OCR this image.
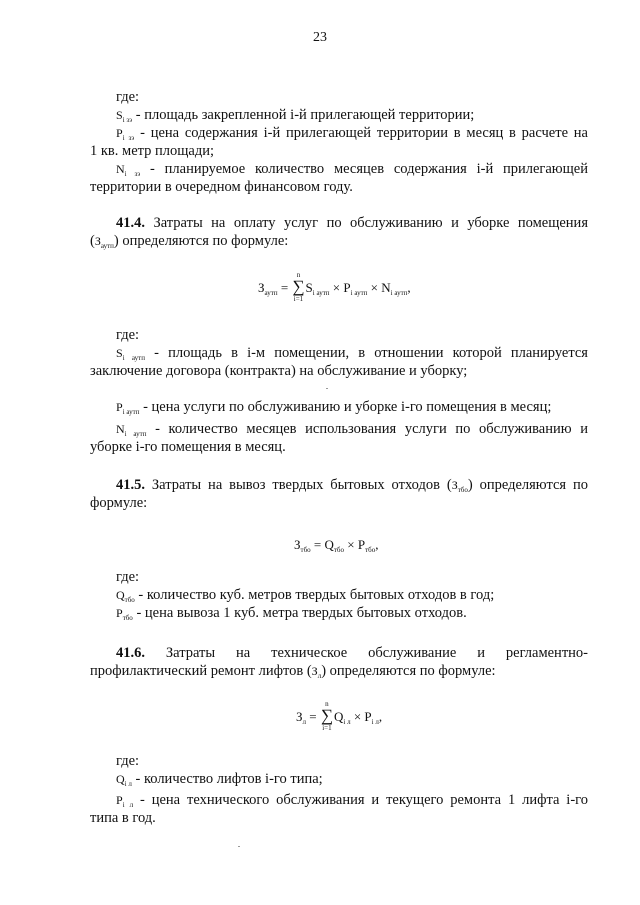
23
где:
$S_{i зэ}$ - площадь закрепленной i-й прилегающей территории;
$P_{i зэ}$ - цена содержания i-й прилегающей территории в месяц в расчете на
1 кв. метр площади;
$N_{i зэ}$ - планируемое количество месяцев содержания i-й прилегающей
территории в очередном финансовом году.
41.4. Затраты на оплату услуг по обслуживанию и уборке помещения
$(З_{аутп})$ определяются по формуле:
$З_{аутп}$ = ∑
n
i=1
$S_{i аутп} \times P_{i аутп} \times N_{i аутп}$,
где:
$S_{i аутп}$ - площадь в i-м помещении, в отношении которой планируется
заключение договора (контракта) на обслуживание и уборку;
$P_{i аутп}$ - цена услуги по обслуживанию и уборке i-го помещения в месяц;
$N_{i аутп}$ - количество месяцев использования услуги по обслуживанию и
уборке i-го помещения в месяц.
41.5. Затраты на вывоз твердых бытовых отходов $(З_{тбо})$ определяются по
формуле:
$З_{тбо} = Q_{тбо} \times P_{тбо}$,
где:
$Q_{тбо}$ - количество куб. метров твердых бытовых отходов в год;
$P_{тбо}$ - цена вывоза 1 куб. метра твердых бытовых отходов.
41.6. Затраты на техническое обслуживание и регламентно-
профилактический ремонт лифтов $(З_л)$ определяются по формуле:
$З_л$ = ∑
n
i=1
$Q_{i л} \times P_{i л}$,
где:
$Q_{i л}$ - количество лифтов i-го типа;
$P_{i л}$ - цена технического обслуживания и текущего ремонта 1 лифта i-го
типа в год.
